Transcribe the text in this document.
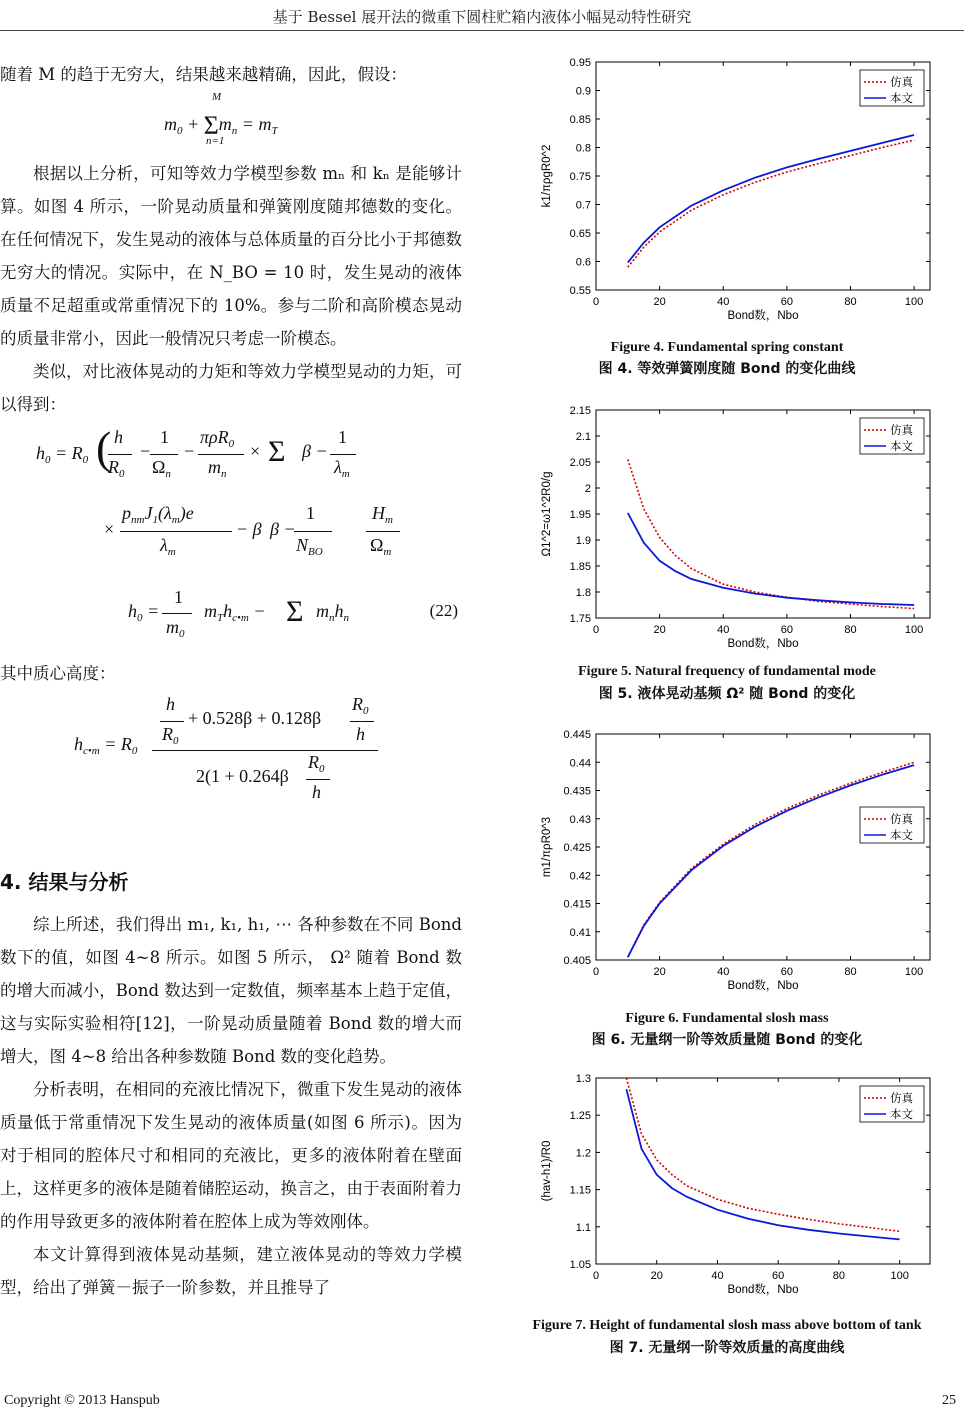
基于 Bessel 展开法的微重下圆柱贮箱内液体小幅晃动特性研究

随着 M 的趋于无穷大，结果越来越精确，因此，假设：

$m_0 + \Sigma m_n = m_T$
M
n=1

根据以上分析，可知等效力学模型参数 mₙ 和 kₙ 是能够计算。如图 4 所示，一阶晃动质量和弹簧刚度随邦德数的变化。在任何情况下，发生晃动的液体与总体质量的百分比小于邦德数无穷大的情况。实际中，在 N_BO = 10 时，发生晃动的液体质量不足超重或常重情况下的 10%。参与二阶和高阶模态晃动的质量非常小，因此一般情况只考虑一阶模态。

类似，对比液体晃动的力矩和等效力学模型晃动的力矩，可以得到：

$h_0 = R_0$ ( h
$R_0$
−
1
$\Omega_n$
−
πρR$_0$
$m_n$
× Σ β −
1
$\lambda_m$
×
$p_{nm}J_1(\lambda_m)e$
$\lambda_m$
− β β −
1
$N_{BO}$
$H_m$
$\Omega_m$
$h_0$ =
1
$m_0$
$m_Th_{c•m} - \Sigma$ $m_nh_n$	(22)

其中质心高度：

$h_{c•m} = R_0$
h
$R_0$
+ 0.528β + 0.128β
$R_0$
h
2(1 + 0.264β
$R_0$
h
4. 结果与分析

综上所述，我们得出 m₁, k₁, h₁, ⋯ 各种参数在不同 Bond 数下的值，如图 4~8 所示。如图 5 所示， Ω² 随着 Bond 数的增大而减小，Bond 数达到一定数值，频率基本上趋于定值，这与实际实验相符[12]，一阶晃动质量随着 Bond 数的增大而增大，图 4~8 给出各种参数随 Bond 数的变化趋势。

分析表明，在相同的充液比情况下，微重下发生晃动的液体质量低于常重情况下发生晃动的液体质量(如图 6 所示)。因为对于相同的腔体尺寸和相同的充液比，更多的液体附着在壁面上，这样更多的液体是随着储腔运动，换言之，由于表面附着力的作用导致更多的液体附着在腔体上成为等效刚体。

本文计算得到液体晃动基频，建立液体晃动的等效力学模型，给出了弹簧－振子一阶参数，并且推导了

0	20	40	60	80	100
0.55
0.6
0.65
0.7
0.75
0.8
0.85
0.9
0.95
Bond数，Nbo
k1/πρgR0^2
仿真
本文
Figure 4. Fundamental spring constant
图 4. 等效弹簧刚度随 Bond 的变化曲线
0	20	40	60	80	100
1.75
1.8
1.85
1.9
1.95
2
2.05
2.1
2.15
Bond数，Nbo
Ω1^2=ω1^2R0/g
仿真
本文
Figure 5. Natural frequency of fundamental mode
图 5. 液体晃动基频 Ω² 随 Bond 的变化
0	20	40	60	80	100
0.405
0.41
0.415
0.42
0.425
0.43
0.435
0.44
0.445
Bond数，Nbo
m1/πρR0^3	仿真
本文
Figure 6. Fundamental slosh mass
图 6. 无量纲一阶等效质量随 Bond 的变化
0	20	40	60	80	100
1.05
1.1
1.15
1.2
1.25
1.3
Bond数，Nbo
(hav-h1)/R0
仿真
本文
Figure 7. Height of fundamental slosh mass above bottom of tank
图 7. 无量纲一阶等效质量的高度曲线
Copyright © 2013 Hanspub	25
